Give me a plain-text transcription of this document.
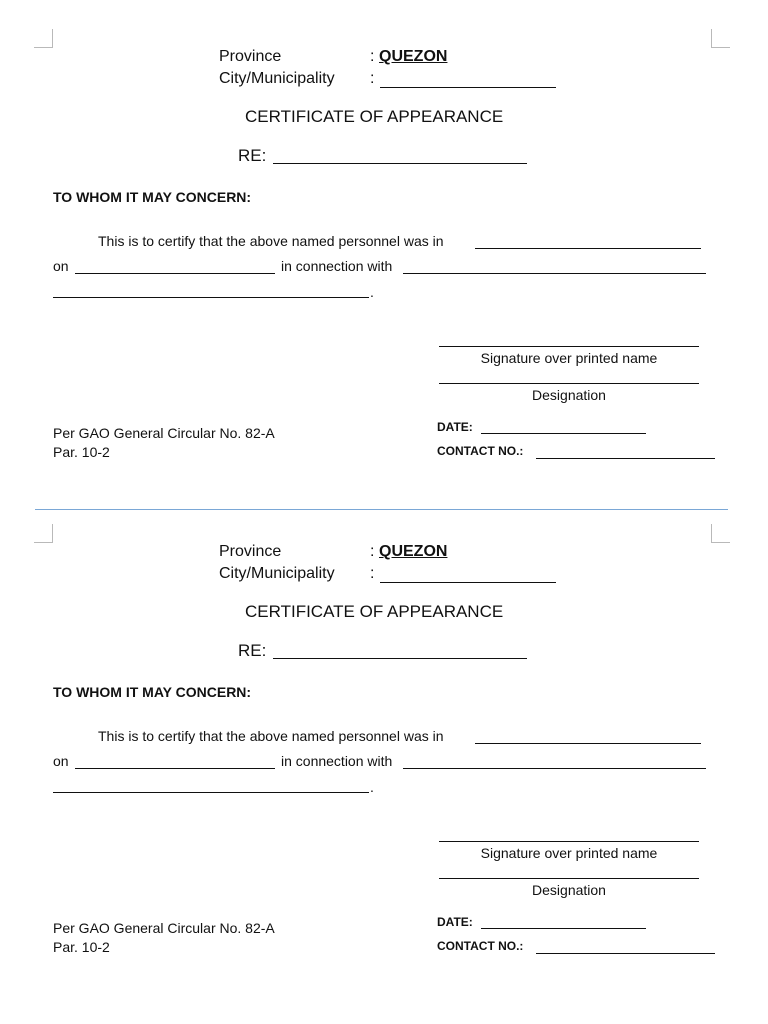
Province	: QUEZON
City/Municipality :
CERTIFICATE OF APPEARANCE
RE:
TO WHOM IT MAY CONCERN:
This is to certify that the above named personnel was in
on	in connection with
.
Signature over printed name
Designation
Per GAO General Circular No. 82-A
Par. 10-2
DATE:
CONTACT NO.:
Province	: QUEZON
City/Municipality :
CERTIFICATE OF APPEARANCE
RE:
TO WHOM IT MAY CONCERN:
This is to certify that the above named personnel was in
on	in connection with
.
Signature over printed name
Designation
Per GAO General Circular No. 82-A
Par. 10-2
DATE:
CONTACT NO.:
